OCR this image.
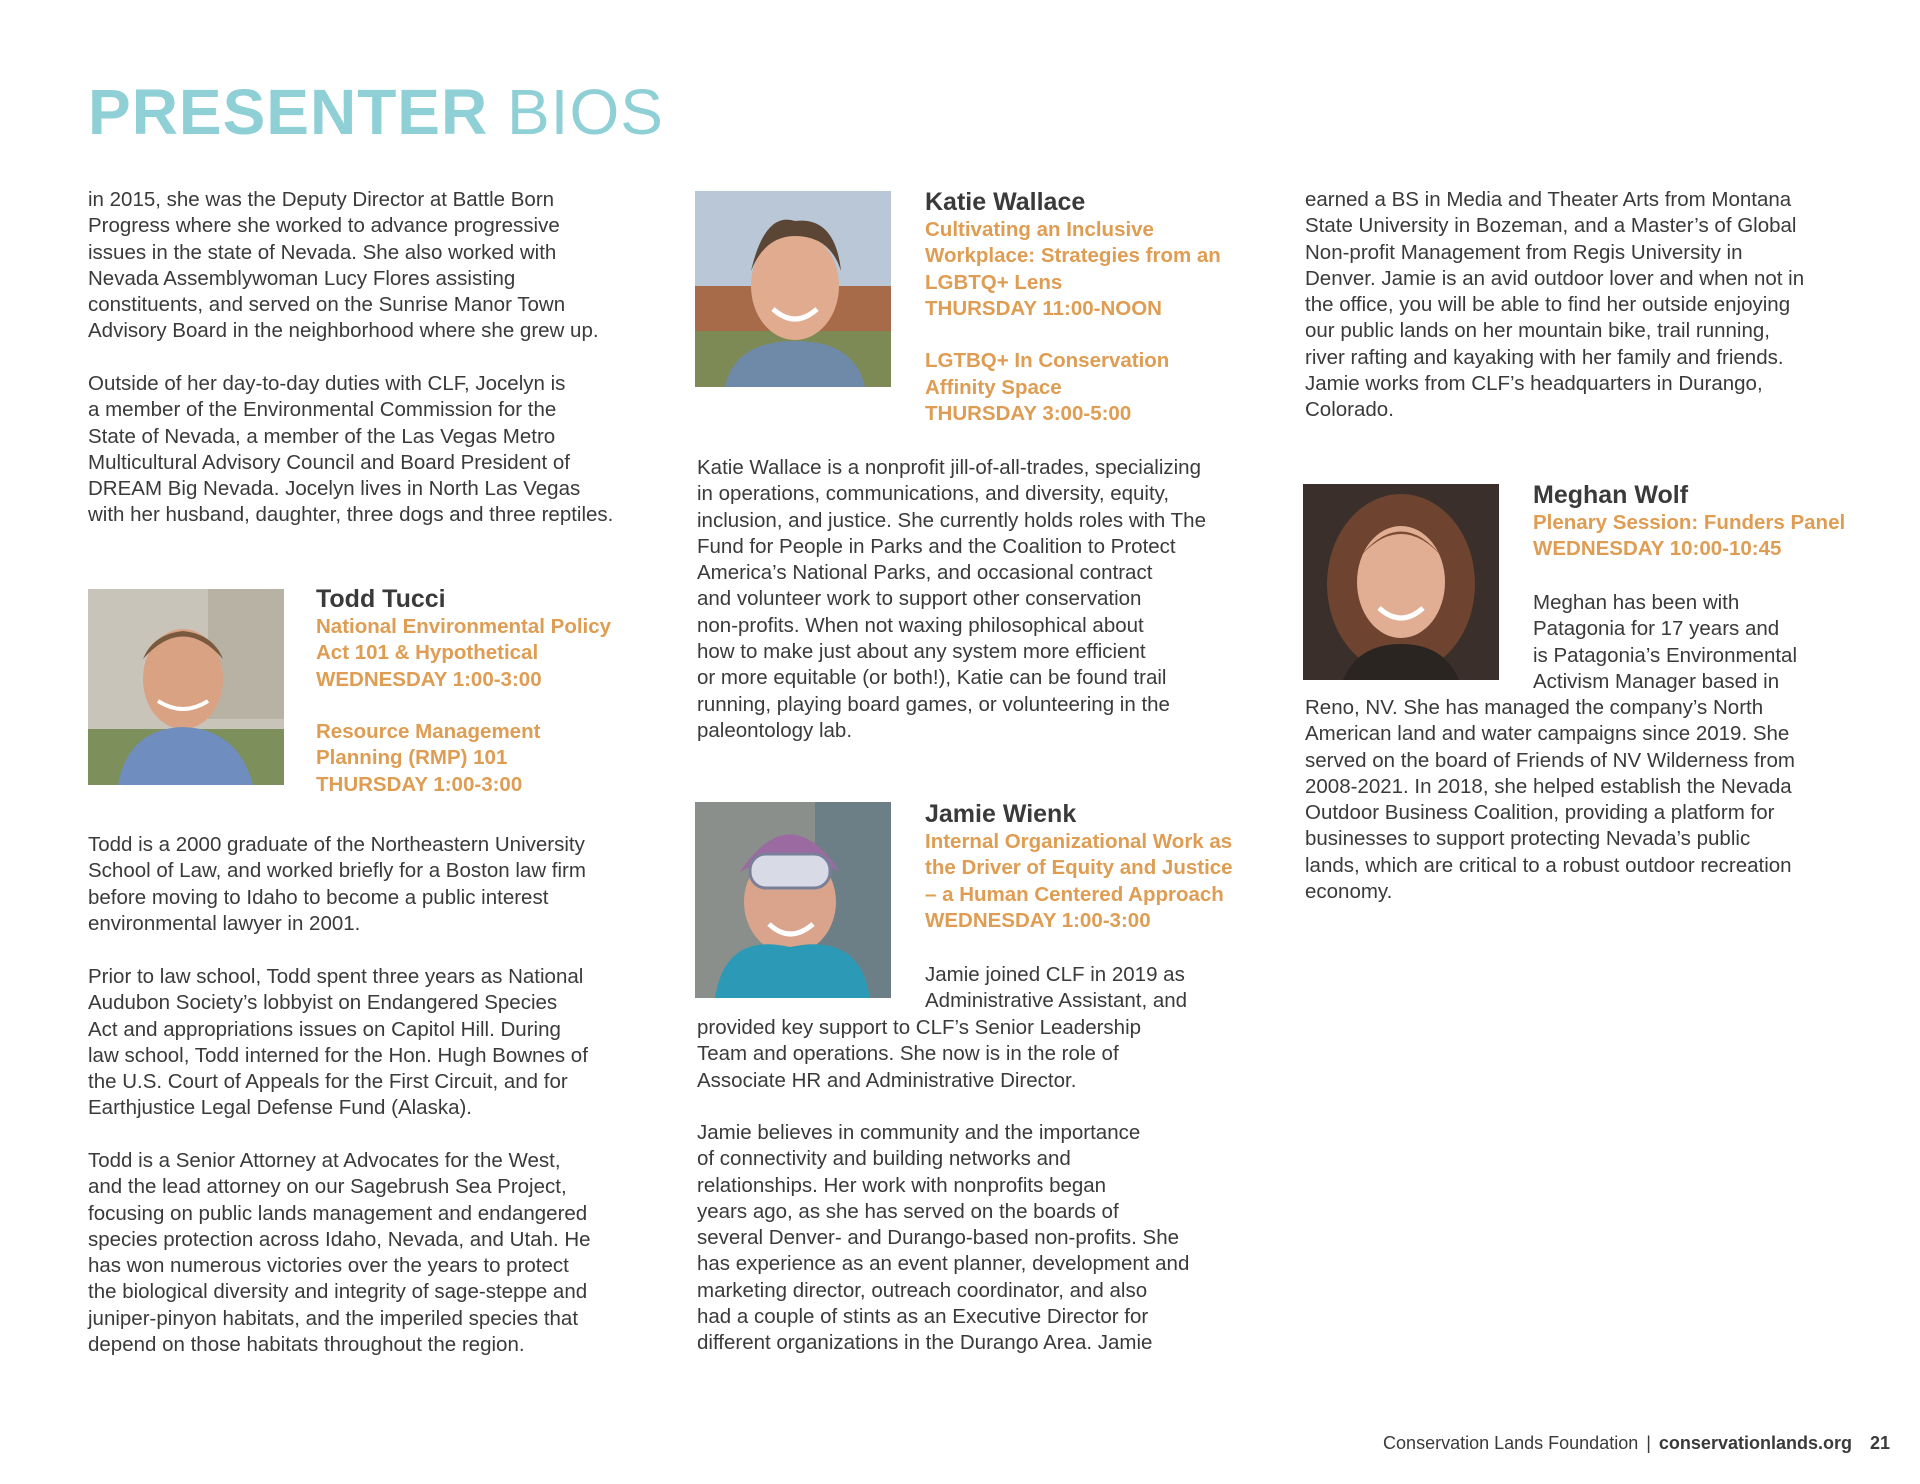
PRESENTER BIOS
in 2015, she was the Deputy Director at Battle Born
Progress where she worked to advance progressive
issues in the state of Nevada. She also worked with
Nevada Assemblywoman Lucy Flores assisting
constituents, and served on the Sunrise Manor Town
Advisory Board in the neighborhood where she grew up.
Outside of her day-to-day duties with CLF, Jocelyn is
a member of the Environmental Commission for the
State of Nevada, a member of the Las Vegas Metro
Multicultural Advisory Council and Board President of
DREAM Big Nevada. Jocelyn lives in North Las Vegas
with her husband, daughter, three dogs and three reptiles.
Todd Tucci
National Environmental Policy
Act 101 & Hypothetical
WEDNESDAY 1:00-3:00
Resource Management
Planning (RMP) 101
THURSDAY 1:00-3:00
Todd is a 2000 graduate of the Northeastern University
School of Law, and worked briefly for a Boston law firm
before moving to Idaho to become a public interest
environmental lawyer in 2001.
Prior to law school, Todd spent three years as National
Audubon Society’s lobbyist on Endangered Species
Act and appropriations issues on Capitol Hill. During
law school, Todd interned for the Hon. Hugh Bownes of
the U.S. Court of Appeals for the First Circuit, and for
Earthjustice Legal Defense Fund (Alaska).
Todd is a Senior Attorney at Advocates for the West,
and the lead attorney on our Sagebrush Sea Project,
focusing on public lands management and endangered
species protection across Idaho, Nevada, and Utah. He
has won numerous victories over the years to protect
the biological diversity and integrity of sage-steppe and
juniper-pinyon habitats, and the imperiled species that
depend on those habitats throughout the region.
Katie Wallace
Cultivating an Inclusive
Workplace: Strategies from an
LGBTQ+ Lens
THURSDAY 11:00-NOON
LGTBQ+ In Conservation
Affinity Space
THURSDAY 3:00-5:00
Katie Wallace is a nonprofit jill-of-all-trades, specializing
in operations, communications, and diversity, equity,
inclusion, and justice. She currently holds roles with The
Fund for People in Parks and the Coalition to Protect
America’s National Parks, and occasional contract
and volunteer work to support other conservation
non-profits. When not waxing philosophical about
how to make just about any system more efficient
or more equitable (or both!), Katie can be found trail
running, playing board games, or volunteering in the
paleontology lab.
Jamie Wienk
Internal Organizational Work as
the Driver of Equity and Justice
– a Human Centered Approach
WEDNESDAY 1:00-3:00
Jamie joined CLF in 2019 as
Administrative Assistant, and
provided key support to CLF’s Senior Leadership
Team and operations. She now is in the role of
Associate HR and Administrative Director.
Jamie believes in community and the importance
of connectivity and building networks and
relationships. Her work with nonprofits began
years ago, as she has served on the boards of
several Denver- and Durango-based non-profits. She
has experience as an event planner, development and
marketing director, outreach coordinator, and also
had a couple of stints as an Executive Director for
different organizations in the Durango Area. Jamie
earned a BS in Media and Theater Arts from Montana
State University in Bozeman, and a Master’s of Global
Non-profit Management from Regis University in
Denver. Jamie is an avid outdoor lover and when not in
the office, you will be able to find her outside enjoying
our public lands on her mountain bike, trail running,
river rafting and kayaking with her family and friends.
Jamie works from CLF’s headquarters in Durango,
Colorado.
Meghan Wolf
Plenary Session: Funders Panel
WEDNESDAY 10:00-10:45
Meghan has been with
Patagonia for 17 years and
is Patagonia’s Environmental
Activism Manager based in
Reno, NV. She has managed the company’s North
American land and water campaigns since 2019. She
served on the board of Friends of NV Wilderness from
2008-2021. In 2018, she helped establish the Nevada
Outdoor Business Coalition, providing a platform for
businesses to support protecting Nevada’s public
lands, which are critical to a robust outdoor recreation
economy.
Conservation Lands Foundation | conservationlands.org 21
